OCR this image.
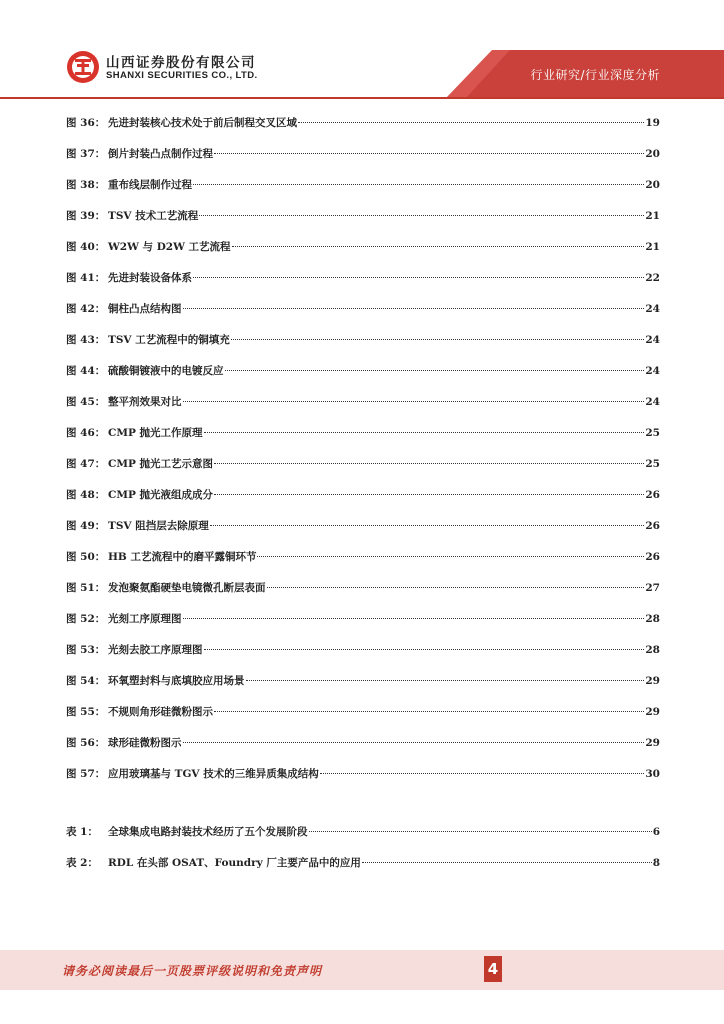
山西证券股份有限公司
SHANXI SECURITIES CO., LTD.	行业研究/行业深度分析
图 36： 先进封装核心技术处于前后制程交叉区域	19
图 37： 倒片封装凸点制作过程	20
图 38： 重布线层制作过程	20
图 39： TSV 技术工艺流程	21
图 40： W2W 与 D2W 工艺流程	21
图 41： 先进封装设备体系	22
图 42： 铜柱凸点结构图	24
图 43： TSV 工艺流程中的铜填充	24
图 44： 硫酸铜镀液中的电镀反应	24
图 45： 整平剂效果对比	24
图 46： CMP 抛光工作原理	25
图 47： CMP 抛光工艺示意图	25
图 48： CMP 抛光液组成成分	26
图 49： TSV 阻挡层去除原理	26
图 50： HB 工艺流程中的磨平露铜环节	26
图 51： 发泡聚氨酯硬垫电镜微孔断层表面	27
图 52： 光刻工序原理图	28
图 53： 光刻去胶工序原理图	28
图 54： 环氧塑封料与底填胶应用场景	29
图 55： 不规则角形硅微粉图示	29
图 56： 球形硅微粉图示	29
图 57： 应用玻璃基与 TGV 技术的三维异质集成结构	30
表 1： 全球集成电路封装技术经历了五个发展阶段	6
表 2： RDL 在头部 OSAT、Foundry 厂主要产品中的应用	8
请务必阅读最后一页股票评级说明和免责声明	4
